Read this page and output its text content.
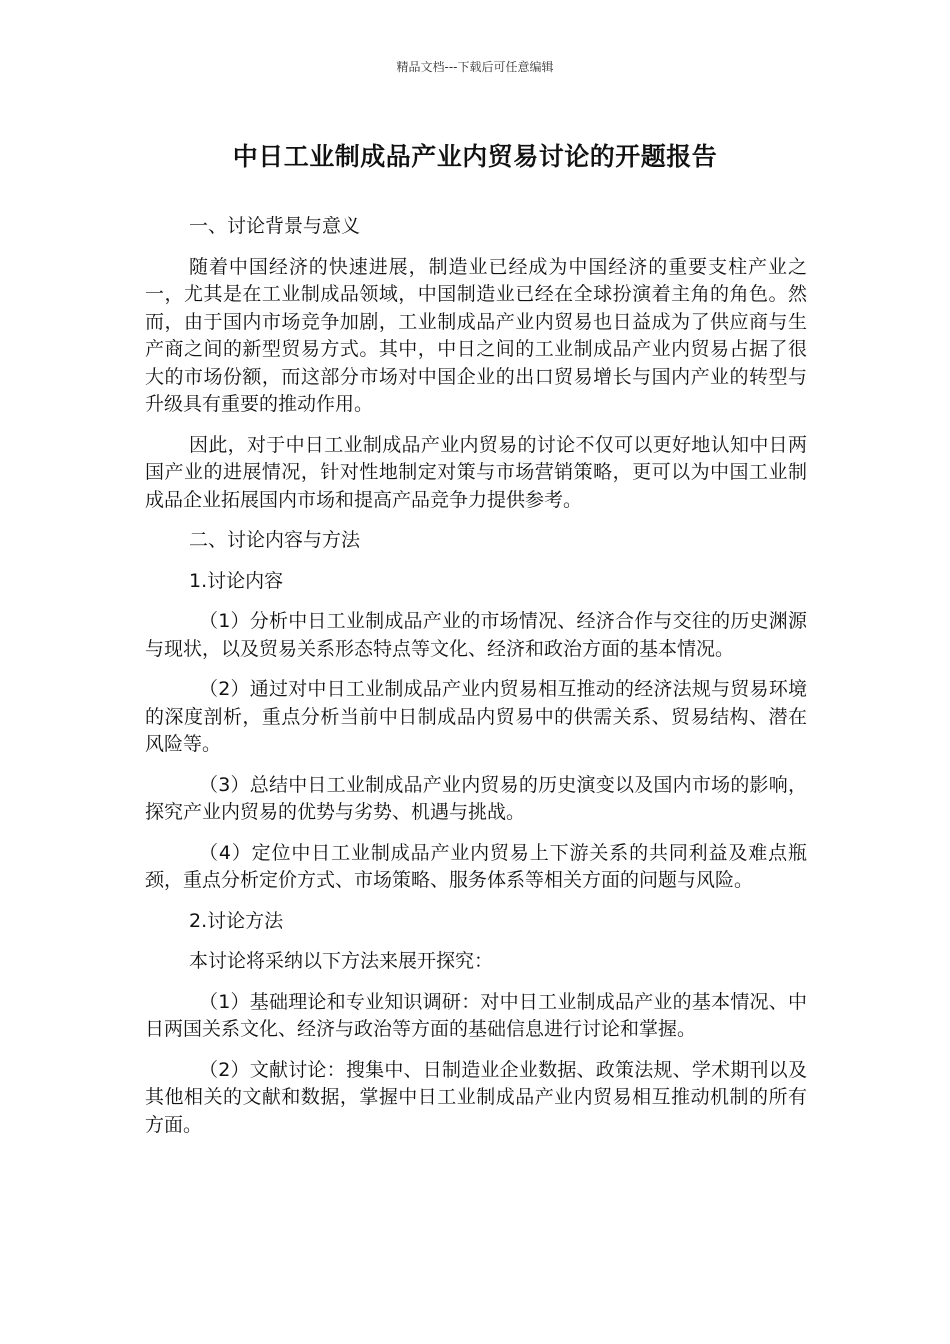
精品文档---下载后可任意编辑
中日工业制成品产业内贸易讨论的开题报告

一、讨论背景与意义

随着中国经济的快速进展，制造业已经成为中国经济的重要支柱产业之一，尤其是在工业制成品领域，中国制造业已经在全球扮演着主角的角色。然而，由于国内市场竞争加剧，工业制成品产业内贸易也日益成为了供应商与生产商之间的新型贸易方式。其中，中日之间的工业制成品产业内贸易占据了很大的市场份额，而这部分市场对中国企业的出口贸易增长与国内产业的转型与升级具有重要的推动作用。

因此，对于中日工业制成品产业内贸易的讨论不仅可以更好地认知中日两国产业的进展情况，针对性地制定对策与市场营销策略，更可以为中国工业制成品企业拓展国内市场和提高产品竞争力提供参考。

二、讨论内容与方法

1.讨论内容

（1）分析中日工业制成品产业的市场情况、经济合作与交往的历史渊源与现状，以及贸易关系形态特点等文化、经济和政治方面的基本情况。

（2）通过对中日工业制成品产业内贸易相互推动的经济法规与贸易环境的深度剖析，重点分析当前中日制成品内贸易中的供需关系、贸易结构、潜在风险等。

（3）总结中日工业制成品产业内贸易的历史演变以及国内市场的影响，探究产业内贸易的优势与劣势、机遇与挑战。

（4）定位中日工业制成品产业内贸易上下游关系的共同利益及难点瓶颈，重点分析定价方式、市场策略、服务体系等相关方面的问题与风险。

2.讨论方法

本讨论将采纳以下方法来展开探究：

（1）基础理论和专业知识调研：对中日工业制成品产业的基本情况、中日两国关系文化、经济与政治等方面的基础信息进行讨论和掌握。

（2）文献讨论：搜集中、日制造业企业数据、政策法规、学术期刊以及其他相关的文献和数据，掌握中日工业制成品产业内贸易相互推动机制的所有方面。
